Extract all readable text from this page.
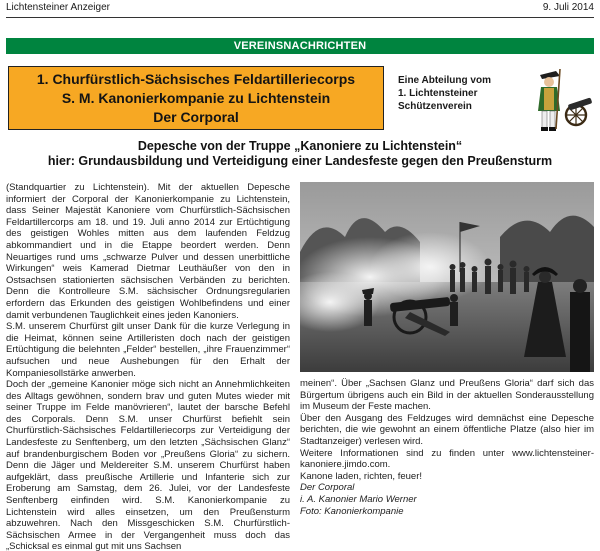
Lichtensteiner Anzeiger	9. Juli 2014
VEREINSNACHRICHTEN
1. Churfürstlich-Sächsisches Feldartilleriecorps
S. M. Kanonierkompanie zu Lichtenstein
Der Corporal
Eine Abteilung vom
1. Lichtensteiner
Schützenverein
Depesche von der Truppe „Kanoniere zu Lichtenstein“
hier: Grundausbildung und Verteidigung einer Landesfeste gegen den Preußensturm
(Standquartier zu Lichtenstein). Mit der aktuellen Depesche informiert der Corporal der Kanonierkompanie zu Lichtenstein, dass Seiner Majestät Kanoniere vom Churfürstlich-Sächsischen Feldartillercorps am 18. und 19. Juli anno 2014 zur Ertüchtigung des geistigen Wohles mitten aus dem laufenden Feldzug abkommandiert und in die Etappe beordert werden. Denn Neuartiges rund ums „schwarze Pulver und dessen unerbittliche Wirkungen“ weis Kamerad Dietmar Leuthäußer von den in Ostsachsen stationierten sächsischen Verbänden zu berichten. Denn die Kontrolleure S.M. sächsischer Ordnungsregularien erfordern das Erkunden des geistigen Wohlbefindens und einer damit verbundenen Tauglichkeit eines jeden Kanoniers.
S.M. unserem Churfürst gilt unser Dank für die kurze Verlegung in die Heimat, können seine Artilleristen doch nach der geistigen Ertüchtigung die belehnten „Felder“ bestellen, „ihre Frauenzimmer“ aufsuchen und neue Aushebungen für den Erhalt der Kompaniesollstärke anwerben.
Doch der „gemeine Kanonier möge sich nicht an Annehmlichkeiten des Alltags gewöhnen, sondern brav und guten Mutes wieder mit seiner Truppe im Felde manövrieren“, lautet der barsche Befehl des Corporals. Denn S.M. unser Churfürst befiehlt sein Churfürstlich-Sächsisches Feldartilleriecorps zur Verteidigung der Landesfeste zu Senftenberg, um den letzten „Sächsischen Glanz“ auf brandenburgischem Boden vor „Preußens Gloria“ zu sichern. Denn die Jäger und Meldereiter S.M. unserem Churfürst haben aufgeklärt, dass preußische Artillerie und Infanterie sich zur Eroberung am Samstag, dem 26. Julei, vor der Landesfeste Senftenberg einfinden wird. S.M. Kanonierkompanie zu Lichtenstein wird alles einsetzen, um den Preußensturm abzuwehren. Nach den Missgeschicken S.M. Churfürstlich-Sächsischen Armee in der Vergangenheit muss doch das „Schicksal es einmal gut mit uns Sachsen
meinen“. Über „Sachsen Glanz und Preußens Gloria“ darf sich das Bürgertum übrigens auch ein Bild in der aktuellen Sonderausstellung im Museum der Feste machen.
Über den Ausgang des Feldzuges wird demnächst eine Depesche berichten, die wie gewohnt an einem öffentliche Platze (also hier im Stadtanzeiger) verlesen wird.
Weitere Informationen sind zu finden unter www.lichtensteiner-kanoniere.jimdo.com.
Kanone laden, richten, feuer!
Der Corporal
i. A. Kanonier Mario Werner
Foto: Kanonierkompanie
